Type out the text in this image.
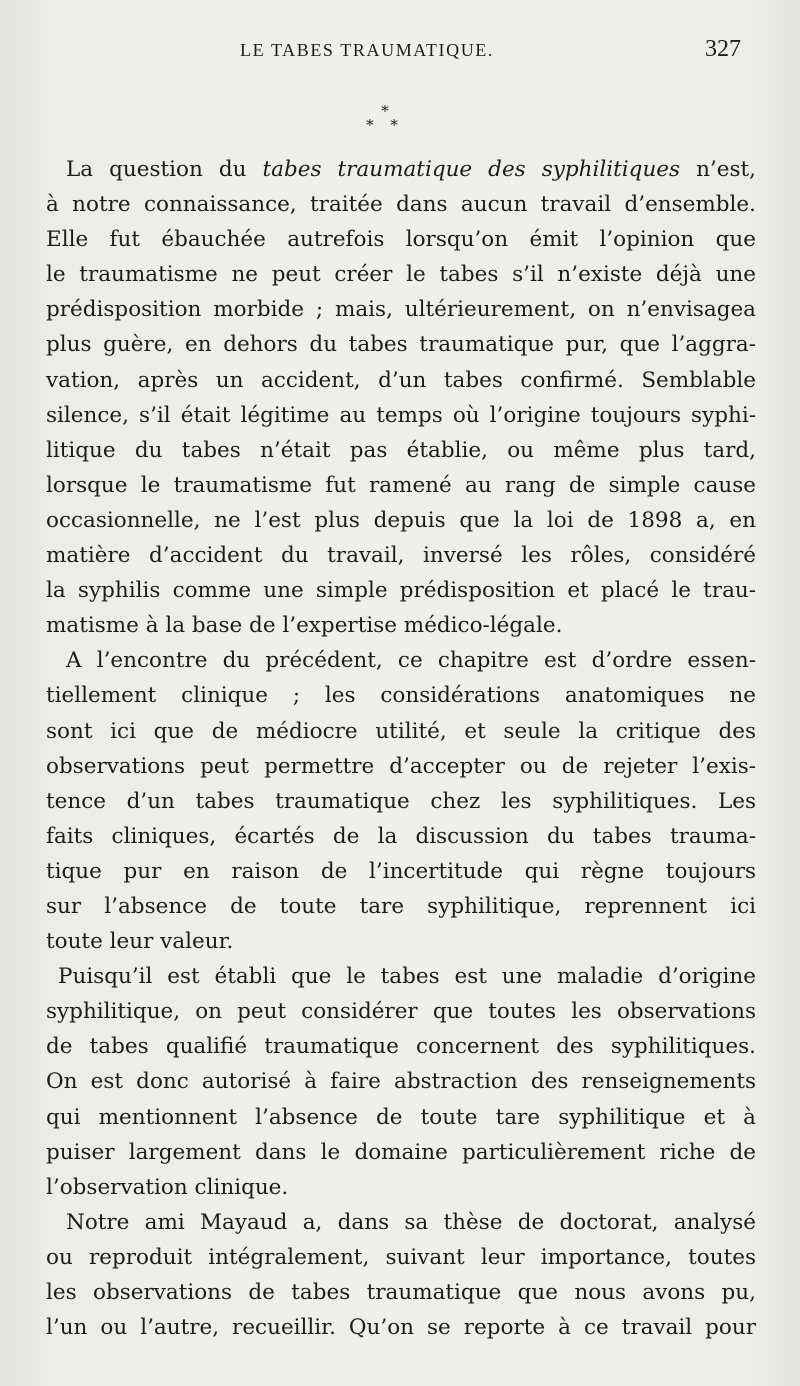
LE TABES TRAUMATIQUE.	327
*
* *
La question du tabes traumatique des syphilitiques n’est,
à notre connaissance, traitée dans aucun travail d’ensemble.
Elle fut ébauchée autrefois lorsqu’on émit l’opinion que
le traumatisme ne peut créer le tabes s’il n’existe déjà une
prédisposition morbide ; mais, ultérieurement, on n’envisagea
plus guère, en dehors du tabes traumatique pur, que l’aggra-
vation, après un accident, d’un tabes confirmé. Semblable
silence, s’il était légitime au temps où l’origine toujours syphi-
litique du tabes n’était pas établie, ou même plus tard,
lorsque le traumatisme fut ramené au rang de simple cause
occasionnelle, ne l’est plus depuis que la loi de 1898 a, en
matière d’accident du travail, inversé les rôles, considéré
la syphilis comme une simple prédisposition et placé le trau-
matisme à la base de l’expertise médico-légale.
A l’encontre du précédent, ce chapitre est d’ordre essen-
tiellement clinique ; les considérations anatomiques ne
sont ici que de médiocre utilité, et seule la critique des
observations peut permettre d’accepter ou de rejeter l’exis-
tence d’un tabes traumatique chez les syphilitiques. Les
faits cliniques, écartés de la discussion du tabes trauma-
tique pur en raison de l’incertitude qui règne toujours
sur l’absence de toute tare syphilitique, reprennent ici
toute leur valeur.
Puisqu’il est établi que le tabes est une maladie d’origine
syphilitique, on peut considérer que toutes les observations
de tabes qualifié traumatique concernent des syphilitiques.
On est donc autorisé à faire abstraction des renseignements
qui mentionnent l’absence de toute tare syphilitique et à
puiser largement dans le domaine particulièrement riche de
l’observation clinique.
Notre ami Mayaud a, dans sa thèse de doctorat, analysé
ou reproduit intégralement, suivant leur importance, toutes
les observations de tabes traumatique que nous avons pu,
l’un ou l’autre, recueillir. Qu’on se reporte à ce travail pour
